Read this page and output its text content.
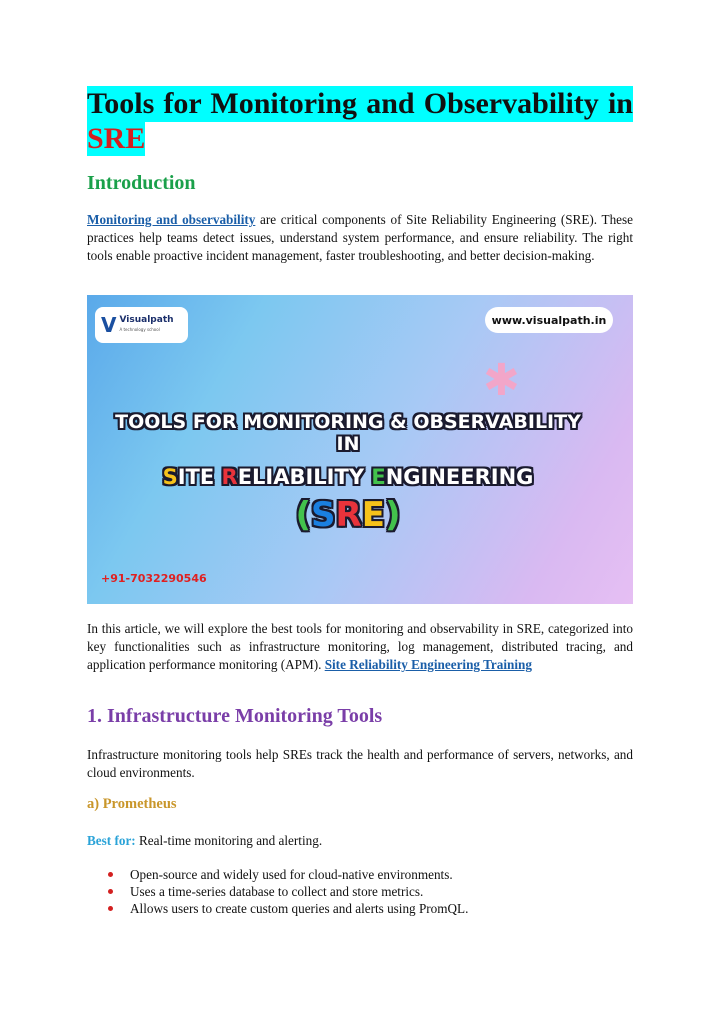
Tools for Monitoring and Observability in
SRE
Introduction
Monitoring and observability are critical components of Site Reliability Engineering (SRE). These practices help teams detect issues, understand system performance, and ensure reliability. The right tools enable proactive incident management, faster troubleshooting, and better decision-making.
V Visualpath
A technology school
www.visualpath.in
✱
TOOLS FOR MONITORING & OBSERVABILITY
IN
SITE RELIABILITY ENGINEERING
(SRE)
+91-7032290546
In this article, we will explore the best tools for monitoring and observability in SRE, categorized into key functionalities such as infrastructure monitoring, log management, distributed tracing, and application performance monitoring (APM). Site Reliability Engineering Training
1. Infrastructure Monitoring Tools
Infrastructure monitoring tools help SREs track the health and performance of servers, networks, and cloud environments.
a) Prometheus
Best for: Real-time monitoring and alerting.
Open-source and widely used for cloud-native environments.
Uses a time-series database to collect and store metrics.
Allows users to create custom queries and alerts using PromQL.
